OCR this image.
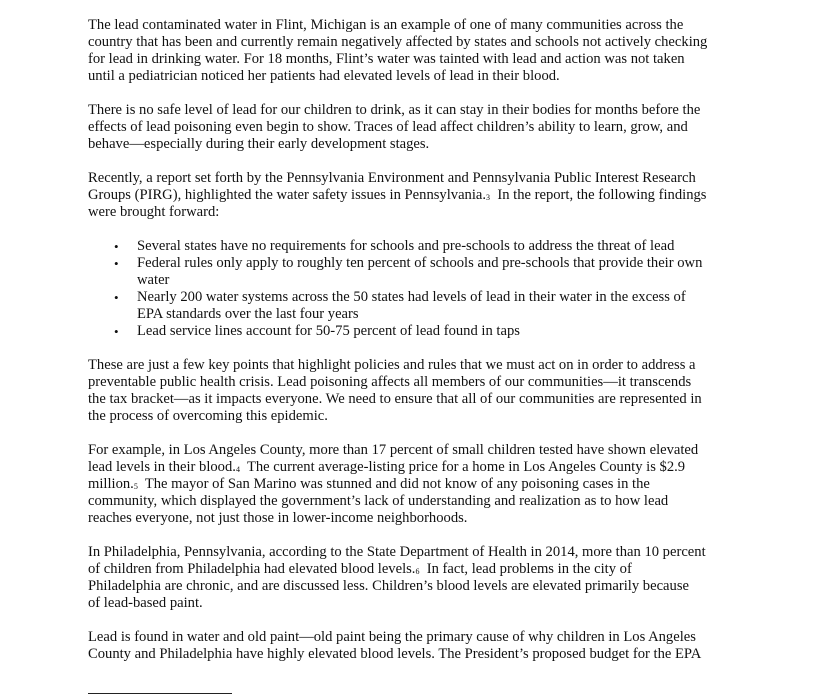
The lead contaminated water in Flint, Michigan is an example of one of many communities across the
country that has been and currently remain negatively affected by states and schools not actively checking
for lead in drinking water. For 18 months, Flint’s water was tainted with lead and action was not taken
until a pediatrician noticed her patients had elevated levels of lead in their blood.
There is no safe level of lead for our children to drink, as it can stay in their bodies for months before the
effects of lead poisoning even begin to show. Traces of lead affect children’s ability to learn, grow, and
behave—especially during their early development stages.
Recently, a report set forth by the Pennsylvania Environment and Pennsylvania Public Interest Research
Groups (PIRG), highlighted the water safety issues in $Pennsylvania._3$  In the report, the following findings
were brought forward:
• Several states have no requirements for schools and pre-schools to address the threat of lead
• Federal rules only apply to roughly ten percent of schools and pre-schools that provide their own
water
• Nearly 200 water systems across the 50 states had levels of lead in their water in the excess of
EPA standards over the last four years
• Lead service lines account for 50-75 percent of lead found in taps
These are just a few key points that highlight policies and rules that we must act on in order to address a
preventable public health crisis. Lead poisoning affects all members of our communities—it transcends
the tax bracket—as it impacts everyone. We need to ensure that all of our communities are represented in
the process of overcoming this epidemic.
For example, in Los Angeles County, more than 17 percent of small children tested have shown elevated
lead levels in their $blood._4$  The current average-listing price for a home in Los Angeles County is $2.9
$million._5$  The mayor of San Marino was stunned and did not know of any poisoning cases in the
community, which displayed the government’s lack of understanding and realization as to how lead
reaches everyone, not just those in lower-income neighborhoods.
In Philadelphia, Pennsylvania, according to the State Department of Health in 2014, more than 10 percent
of children from Philadelphia had elevated blood $levels._6$  In fact, lead problems in the city of
Philadelphia are chronic, and are discussed less. Children’s blood levels are elevated primarily because
of lead-based paint.
Lead is found in water and old paint—old paint being the primary cause of why children in Los Angeles
County and Philadelphia have highly elevated blood levels. The President’s proposed budget for the EPA
